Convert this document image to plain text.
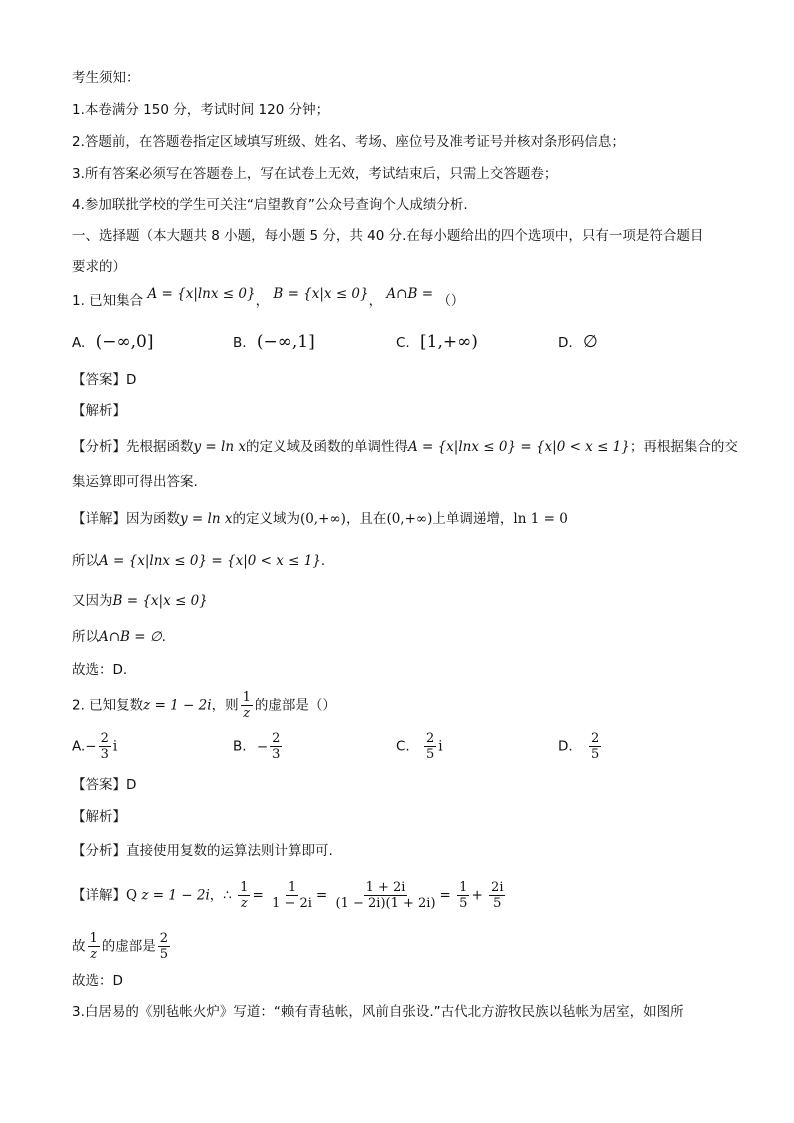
考生须知：
1.本卷满分 150 分，考试时间 120 分钟；
2.答题前，在答题卷指定区域填写班级、姓名、考场、座位号及准考证号并核对条形码信息；
3.所有答案必须写在答题卷上，写在试卷上无效，考试结束后，只需上交答题卷；
4.参加联批学校的学生可关注“启望教育”公众号查询个人成绩分析.
一、选择题（本大题共 8 小题，每小题 5 分，共 40 分.在每小题给出的四个选项中，只有一项是符合题目
要求的）
1. 已知集合 A = {x|lnx ≤ 0}， B = {x|x ≤ 0}， A∩B = （）
A. (−∞,0]	B. (−∞,1]	C. [1,+∞)	D. ∅
【答案】D
【解析】
【分析】先根据函数y = ln x的定义域及函数的单调性得A = {x|lnx ≤ 0} = {x|0 < x ≤ 1}；再根据集合的交
集运算即可得出答案.
【详解】因为函数y = ln x的定义域为(0,+∞)，且在(0,+∞)上单调递增，ln 1 = 0
所以A = {x|lnx ≤ 0} = {x|0 < x ≤ 1}.
又因为B = {x|x ≤ 0}
所以A∩B = ∅.
故选：D.
2. 已知复数z = 1 − 2i，则 $\frac{1}{z}$ 的虚部是（）
$A.- \frac{2}{3}$ i	B. − $\frac{2}{3}$	C. $\frac{2}{5}$ i	D. $\frac{2}{5}$
【答案】D
【解析】
【分析】直接使用复数的运算法则计算即可.
【详解】Q z = 1 − 2i，∴ $\frac{1}{z} = \frac{1}{1 - 2i} = \frac{1 + 2i}{(1 - 2i)(1 + 2i)} = \frac{1}{5} + \frac{2i}{5}$
故 $\frac{1}{z}$ 的虚部是 $\frac{2}{5}$
故选：D
3.白居易的《别毡帐火炉》写道：“赖有青毡帐，风前自张设.”古代北方游牧民族以毡帐为居室，如图所
